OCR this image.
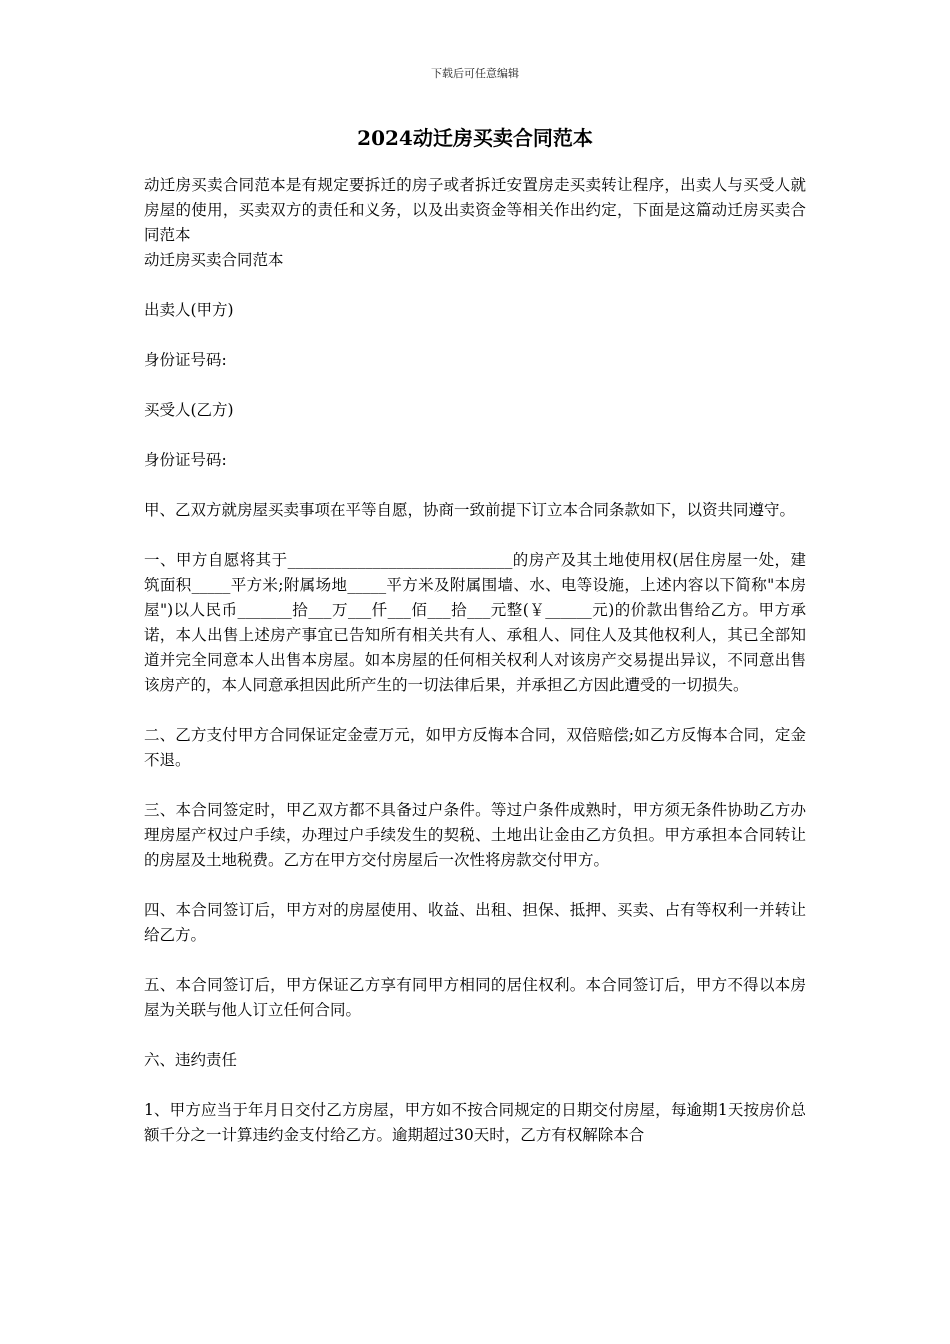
下载后可任意编辑
2024动迁房买卖合同范本

动迁房买卖合同范本是有规定要拆迁的房子或者拆迁安置房走买卖转让程序，出卖人与买受人就房屋的使用，买卖双方的责任和义务，以及出卖资金等相关作出约定，下面是这篇动迁房买卖合同范本

动迁房买卖合同范本

出卖人(甲方)

身份证号码:

买受人(乙方)

身份证号码:

甲、乙双方就房屋买卖事项在平等自愿，协商一致前提下订立本合同条款如下，以资共同遵守。

一、甲方自愿将其于_____________________________的房产及其土地使用权(居住房屋一处，建筑面积_____平方米;附属场地_____平方米及附属围墙、水、电等设施，上述内容以下简称"本房屋")以人民币_______拾___万___仟___佰___拾___元整(￥______元)的价款出售给乙方。甲方承诺，本人出售上述房产事宜已告知所有相关共有人、承租人、同住人及其他权利人，其已全部知道并完全同意本人出售本房屋。如本房屋的任何相关权利人对该房产交易提出异议，不同意出售该房产的，本人同意承担因此所产生的一切法律后果，并承担乙方因此遭受的一切损失。

二、乙方支付甲方合同保证定金壹万元，如甲方反悔本合同，双倍赔偿;如乙方反悔本合同，定金不退。

三、本合同签定时，甲乙双方都不具备过户条件。等过户条件成熟时，甲方须无条件协助乙方办理房屋产权过户手续，办理过户手续发生的契税、土地出让金由乙方负担。甲方承担本合同转让的房屋及土地税费。乙方在甲方交付房屋后一次性将房款交付甲方。

四、本合同签订后，甲方对的房屋使用、收益、出租、担保、抵押、买卖、占有等权利一并转让给乙方。

五、本合同签订后，甲方保证乙方享有同甲方相同的居住权利。本合同签订后，甲方不得以本房屋为关联与他人订立任何合同。

六、违约责任

1、甲方应当于年月日交付乙方房屋，甲方如不按合同规定的日期交付房屋，每逾期1天按房价总额千分之一计算违约金支付给乙方。逾期超过30天时，乙方有权解除本合
